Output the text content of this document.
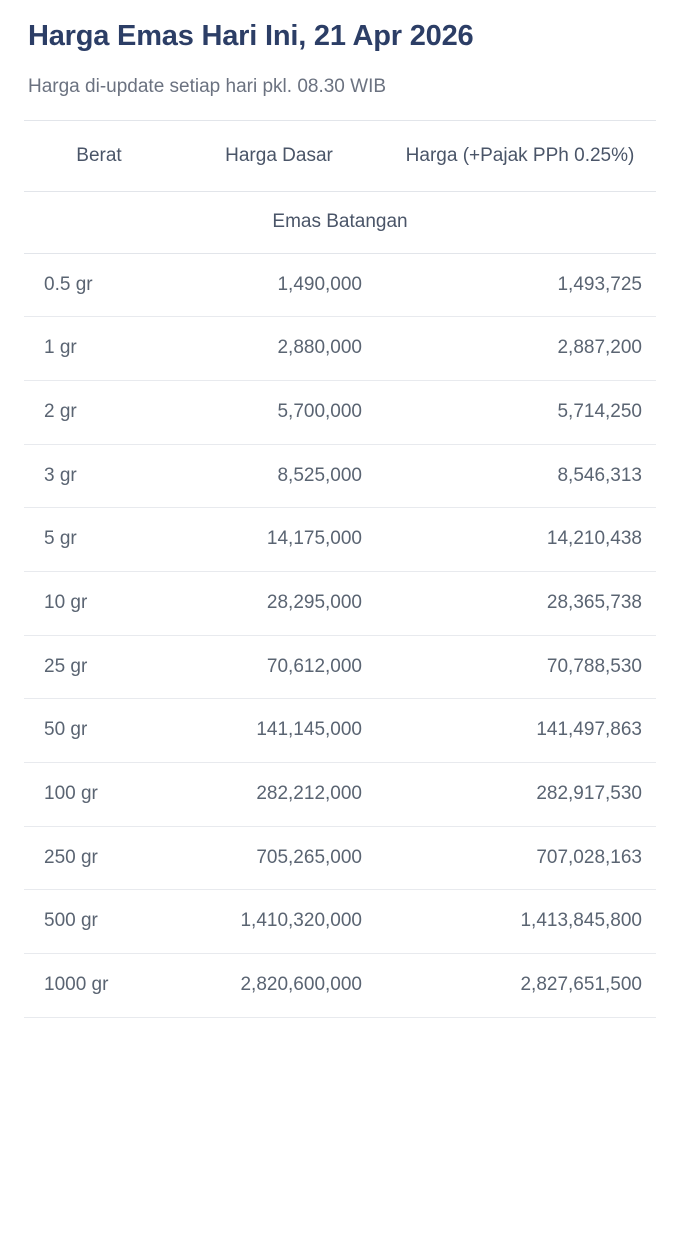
Harga Emas Hari Ini, 21 Apr 2026
Harga di-update setiap hari pkl. 08.30 WIB
Berat	Harga Dasar	Harga (+Pajak PPh 0.25%)
Emas Batangan		
0.5 gr	1,490,000	1,493,725
1 gr	2,880,000	2,887,200
2 gr	5,700,000	5,714,250
3 gr	8,525,000	8,546,313
5 gr	14,175,000	14,210,438
10 gr	28,295,000	28,365,738
25 gr	70,612,000	70,788,530
50 gr	141,145,000	141,497,863
100 gr	282,212,000	282,917,530
250 gr	705,265,000	707,028,163
500 gr	1,410,320,000	1,413,845,800
1000 gr	2,820,600,000	2,827,651,500
